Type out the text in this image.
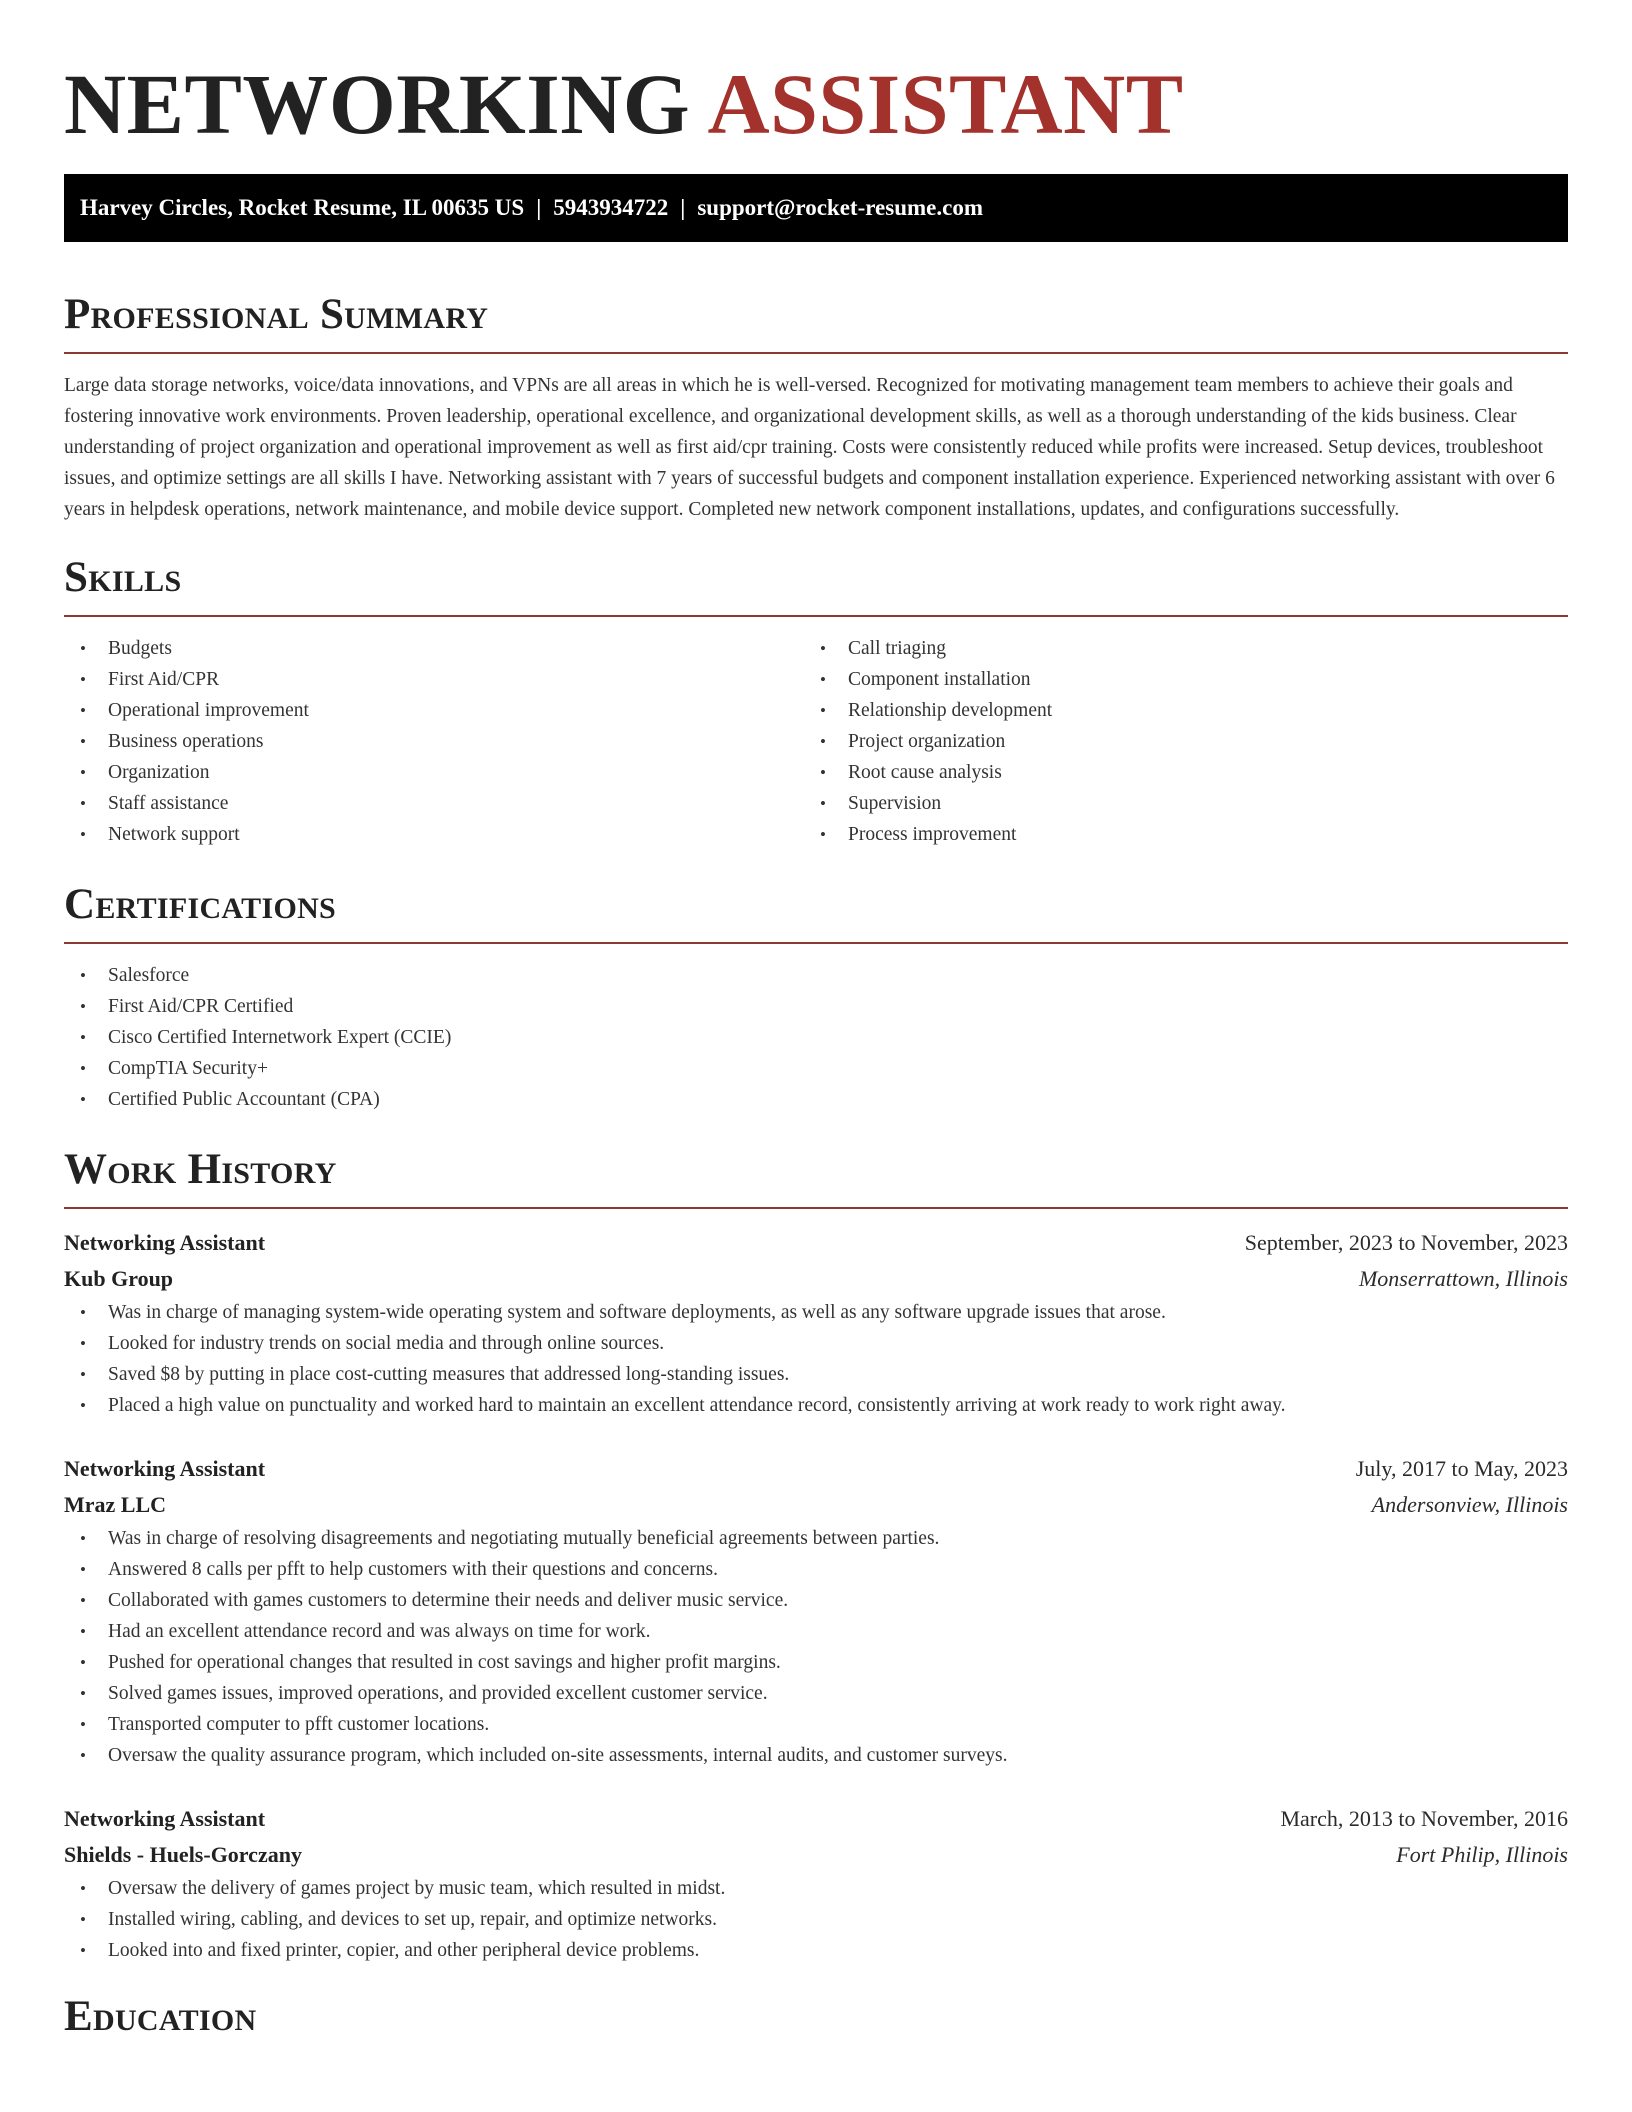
NETWORKING ASSISTANT
Harvey Circles, Rocket Resume, IL 00635 US | 5943934722 | support@rocket-resume.com
Professional Summary

Large data storage networks, voice/data innovations, and VPNs are all areas in which he is well-versed. Recognized for motivating management team members to achieve their goals and fostering innovative work environments. Proven leadership, operational excellence, and organizational development skills, as well as a thorough understanding of the kids business. Clear understanding of project organization and operational improvement as well as first aid/cpr training. Costs were consistently reduced while profits were increased. Setup devices, troubleshoot issues, and optimize settings are all skills I have. Networking assistant with 7 years of successful budgets and component installation experience. Experienced networking assistant with over 6 years in helpdesk operations, network maintenance, and mobile device support. Completed new network component installations, updates, and configurations successfully.

Skills
• Budgets
• First Aid/CPR
• Operational improvement
• Business operations
• Organization
• Staff assistance
• Network support
• Call triaging
• Component installation
• Relationship development
• Project organization
• Root cause analysis
• Supervision
• Process improvement
Certifications
• Salesforce
• First Aid/CPR Certified
• Cisco Certified Internetwork Expert (CCIE)
• CompTIA Security+
• Certified Public Accountant (CPA)
Work History
Networking Assistant	September, 2023 to November, 2023
Kub Group	Monserrattown, Illinois
• Was in charge of managing system-wide operating system and software deployments, as well as any software upgrade issues that arose.
• Looked for industry trends on social media and through online sources.
• Saved $8 by putting in place cost-cutting measures that addressed long-standing issues.
• Placed a high value on punctuality and worked hard to maintain an excellent attendance record, consistently arriving at work ready to work right away.
Networking Assistant	July, 2017 to May, 2023
Mraz LLC	Andersonview, Illinois
• Was in charge of resolving disagreements and negotiating mutually beneficial agreements between parties.
• Answered 8 calls per pfft to help customers with their questions and concerns.
• Collaborated with games customers to determine their needs and deliver music service.
• Had an excellent attendance record and was always on time for work.
• Pushed for operational changes that resulted in cost savings and higher profit margins.
• Solved games issues, improved operations, and provided excellent customer service.
• Transported computer to pfft customer locations.
• Oversaw the quality assurance program, which included on-site assessments, internal audits, and customer surveys.
Networking Assistant	March, 2013 to November, 2016
Shields - Huels-Gorczany	Fort Philip, Illinois
• Oversaw the delivery of games project by music team, which resulted in midst.
• Installed wiring, cabling, and devices to set up, repair, and optimize networks.
• Looked into and fixed printer, copier, and other peripheral device problems.
Education
